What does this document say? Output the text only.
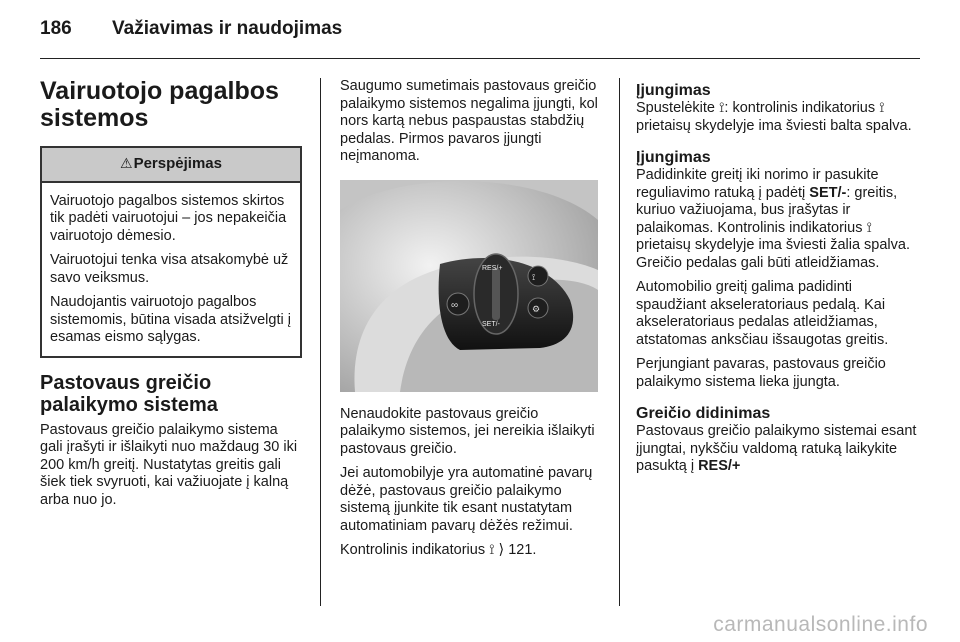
186 Važiavimas ir naudojimas
Vairuotojo pagalbos sistemos
⚠Perspėjimas

Vairuotojo pagalbos sistemos skirtos tik padėti vairuotojui – jos nepakeičia vairuotojo dėmesio.

Vairuotojui tenka visa atsakomybė už savo veiksmus.

Naudojantis vairuotojo pagalbos sistemomis, būtina visada atsižvelgti į esamas eismo sąlygas.

Pastovaus greičio palaikymo sistema

Pastovaus greičio palaikymo sistema gali įrašyti ir išlaikyti nuo maždaug 30 iki 200 km/h greitį. Nustatytas greitis gali šiek tiek svyruoti, kai važiuojate į kalną arba nuo jo.

Saugumo sumetimais pastovaus greičio palaikymo sistemos negalima įjungti, kol nors kartą nebus paspaustas stabdžių pedalas. Pirmos pavaros įjungti neįmanoma.

RES/+
SET/-
∞
⟟
⚙

Nenaudokite pastovaus greičio palaikymo sistemos, jei nereikia išlaikyti pastovaus greičio.

Jei automobilyje yra automatinė pavarų dėžė, pastovaus greičio palaikymo sistemą įjunkite tik esant nustatytam automatiniam pavarų dėžės režimui.

Kontrolinis indikatorius ⟟ ⟩ 121.

Įjungimas

Spustelėkite ⟟: kontrolinis indikatorius ⟟ prietaisų skydelyje ima šviesti balta spalva.

Įjungimas

Padidinkite greitį iki norimo ir pasukite reguliavimo ratuką į padėtį SET/-: greitis, kuriuo važiuojama, bus įrašytas ir palaikomas. Kontrolinis indikatorius ⟟ prietaisų skydelyje ima šviesti žalia spalva. Greičio pedalas gali būti atleidžiamas.

Automobilio greitį galima padidinti spaudžiant akseleratoriaus pedalą. Kai akseleratoriaus pedalas atleidžiamas, atstatomas anksčiau išsaugotas greitis.

Perjungiant pavaras, pastovaus greičio palaikymo sistema lieka įjungta.

Greičio didinimas

Pastovaus greičio palaikymo sistemai esant įjungtai, nykščiu valdomą ratuką laikykite pasuktą į RES/+

carmanualsonline.info
